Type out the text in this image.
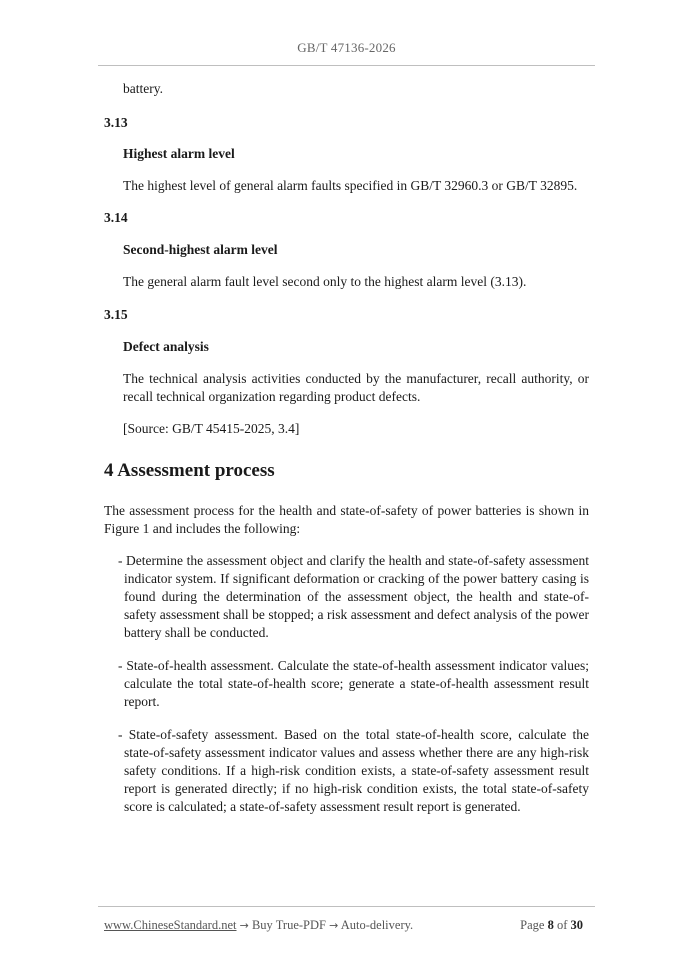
GB/T 47136-2026

battery.

3.13

Highest alarm level

The highest level of general alarm faults specified in GB/T 32960.3 or GB/T 32895.

3.14

Second-highest alarm level

The general alarm fault level second only to the highest alarm level (3.13).

3.15

Defect analysis

The technical analysis activities conducted by the manufacturer, recall authority, or recall technical organization regarding product defects.

[Source: GB/T 45415-2025, 3.4]

4 Assessment process

The assessment process for the health and state-of-safety of power batteries is shown in Figure 1 and includes the following:

- Determine the assessment object and clarify the health and state-of-safety assessment indicator system. If significant deformation or cracking of the power battery casing is found during the determination of the assessment object, the health and state-of-safety assessment shall be stopped; a risk assessment and defect analysis of the power battery shall be conducted.

- State-of-health assessment. Calculate the state-of-health assessment indicator values; calculate the total state-of-health score; generate a state-of-health assessment result report.

- State-of-safety assessment. Based on the total state-of-health score, calculate the state-of-safety assessment indicator values and assess whether there are any high-risk safety conditions. If a high-risk condition exists, a state-of-safety assessment result report is generated directly; if no high-risk condition exists, the total state-of-safety score is calculated; a state-of-safety assessment result report is generated.

www.ChineseStandard.net → Buy True-PDF → Auto-delivery.	Page 8 of 30
